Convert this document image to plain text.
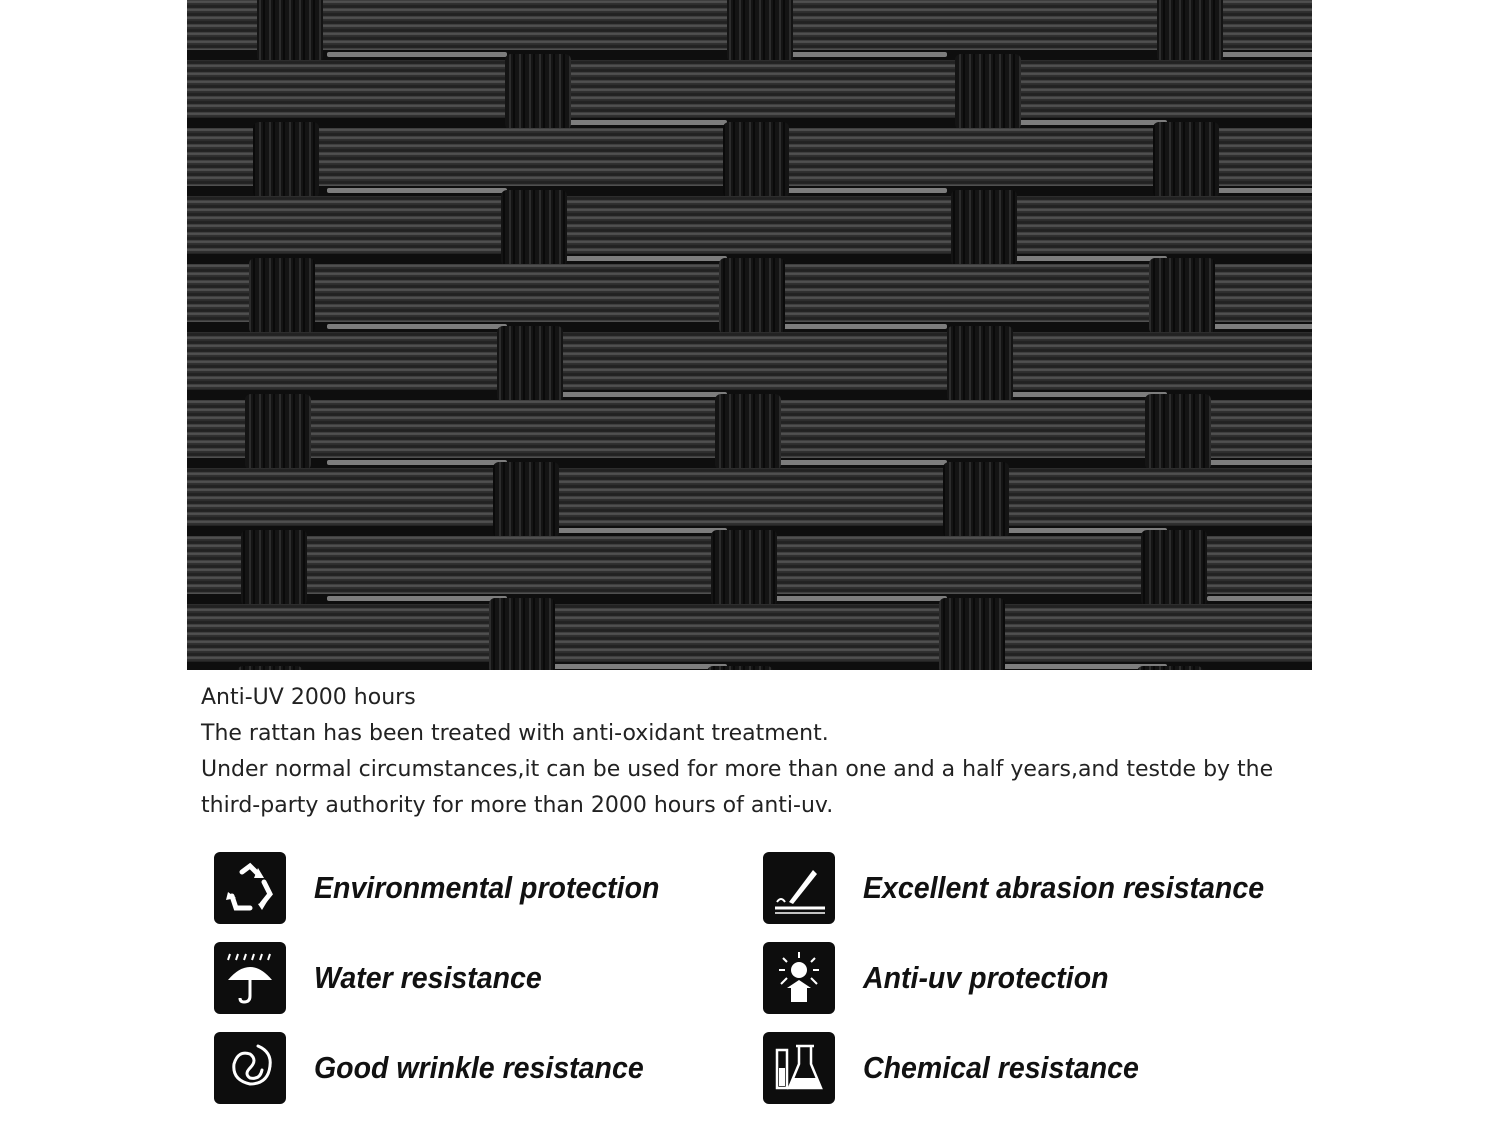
Anti-UV 2000 hours

The rattan has been treated with anti-oxidant treatment.

Under normal circumstances,it can be used for more than one and a half years,and testde by the

third-party authority for more than 2000 hours of anti-uv.

Environmental protection	Excellent abrasion resistance
Water resistance	Anti-uv protection
Good wrinkle resistance	Chemical resistance
